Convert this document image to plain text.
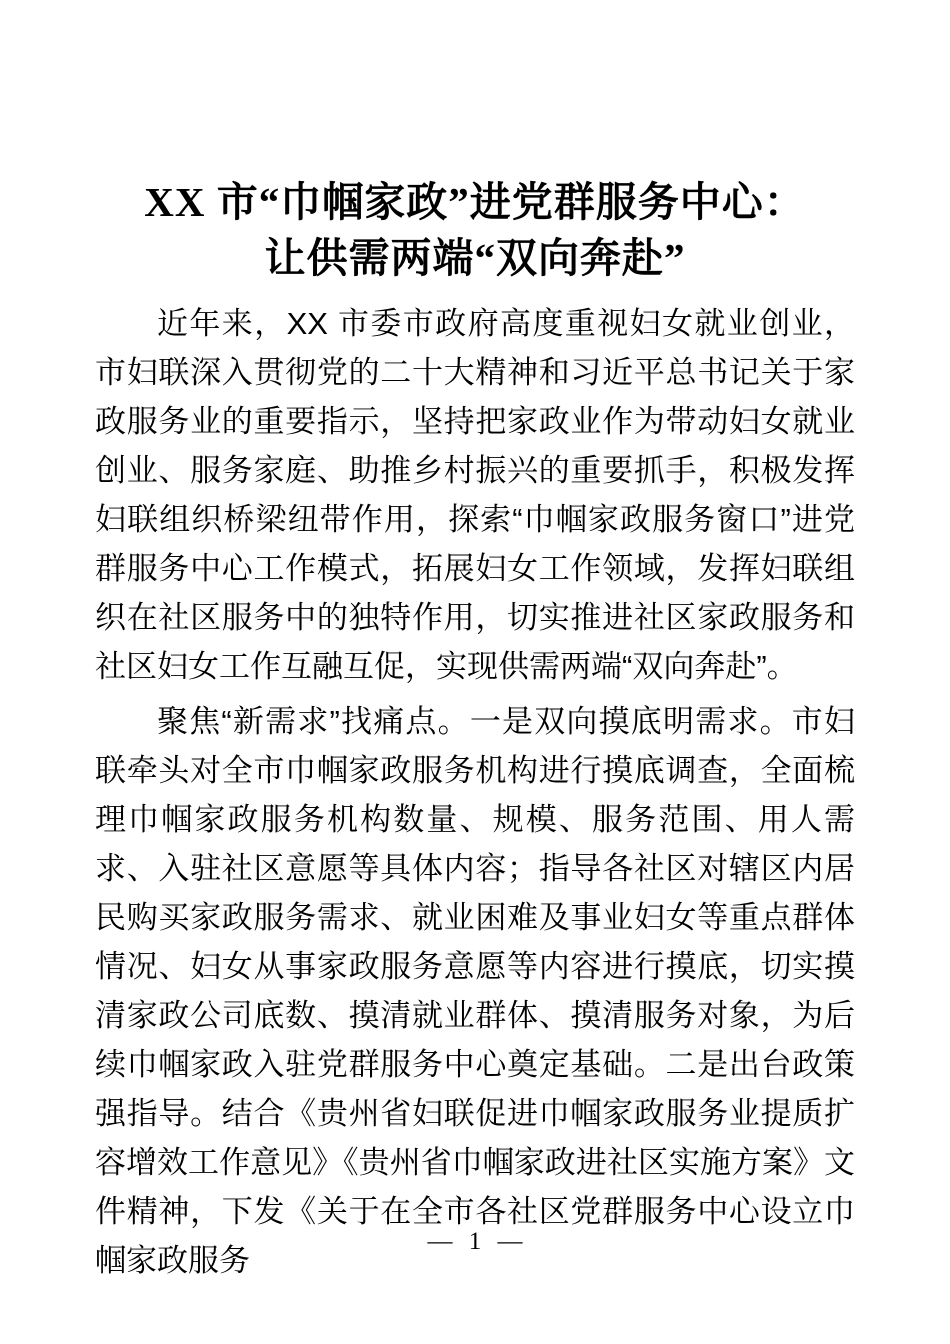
XX 市“巾帼家政”进党群服务中心：
让供需两端“双向奔赴”

近年来，XX 市委市政府高度重视妇女就业创业，市妇联深入贯彻党的二十大精神和习近平总书记关于家政服务业的重要指示，坚持把家政业作为带动妇女就业创业、服务家庭、助推乡村振兴的重要抓手，积极发挥妇联组织桥梁纽带作用，探索“巾帼家政服务窗口”进党群服务中心工作模式，拓展妇女工作领域，发挥妇联组织在社区服务中的独特作用，切实推进社区家政服务和社区妇女工作互融互促，实现供需两端“双向奔赴”。

聚焦“新需求”找痛点。一是双向摸底明需求。市妇联牵头对全市巾帼家政服务机构进行摸底调查，全面梳理巾帼家政服务机构数量、规模、服务范围、用人需求、入驻社区意愿等具体内容；指导各社区对辖区内居民购买家政服务需求、就业困难及事业妇女等重点群体情况、妇女从事家政服务意愿等内容进行摸底，切实摸清家政公司底数、摸清就业群体、摸清服务对象，为后续巾帼家政入驻党群服务中心奠定基础。二是出台政策强指导。结合《贵州省妇联促进巾帼家政服务业提质扩容增效工作意见》《贵州省巾帼家政进社区实施方案》文件精神，下发《关于在全市各社区党群服务中心设立巾帼家政服务

— 1 —
